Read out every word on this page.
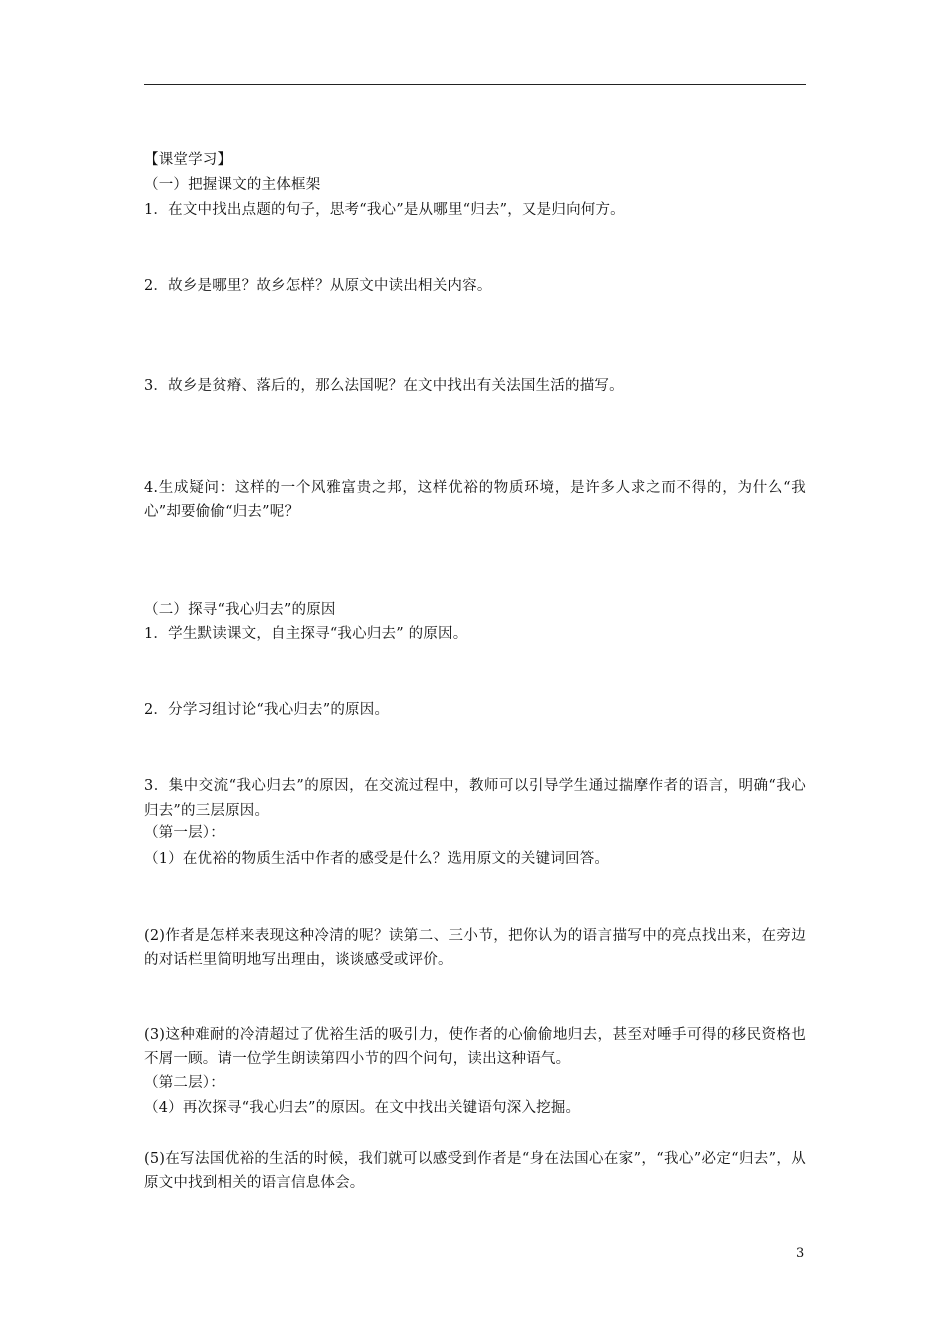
【课堂学习】
（一）把握课文的主体框架
1．在文中找出点题的句子，思考“我心”是从哪里“归去”，又是归向何方。
2．故乡是哪里？故乡怎样？从原文中读出相关内容。
3．故乡是贫瘠、落后的，那么法国呢？在文中找出有关法国生活的描写。
4.生成疑问：这样的一个风雅富贵之邦，这样优裕的物质环境，是许多人求之而不得的，为什么“我心”却要偷偷“归去”呢？
（二）探寻“我心归去”的原因
1．学生默读课文，自主探寻“我心归去” 的原因。
2．分学习组讨论“我心归去”的原因。
3．集中交流“我心归去”的原因，在交流过程中，教师可以引导学生通过揣摩作者的语言，明确“我心归去”的三层原因。
（第一层）：
（1）在优裕的物质生活中作者的感受是什么？选用原文的关键词回答。
(2)作者是怎样来表现这种冷清的呢？读第二、三小节，把你认为的语言描写中的亮点找出来，在旁边的对话栏里简明地写出理由，谈谈感受或评价。
(3)这种难耐的冷清超过了优裕生活的吸引力，使作者的心偷偷地归去，甚至对唾手可得的移民资格也不屑一顾。请一位学生朗读第四小节的四个问句，读出这种语气。
（第二层）：
（4）再次探寻“我心归去”的原因。在文中找出关键语句深入挖掘。
(5)在写法国优裕的生活的时候，我们就可以感受到作者是“身在法国心在家”，“我心”必定“归去”，从原文中找到相关的语言信息体会。
3
